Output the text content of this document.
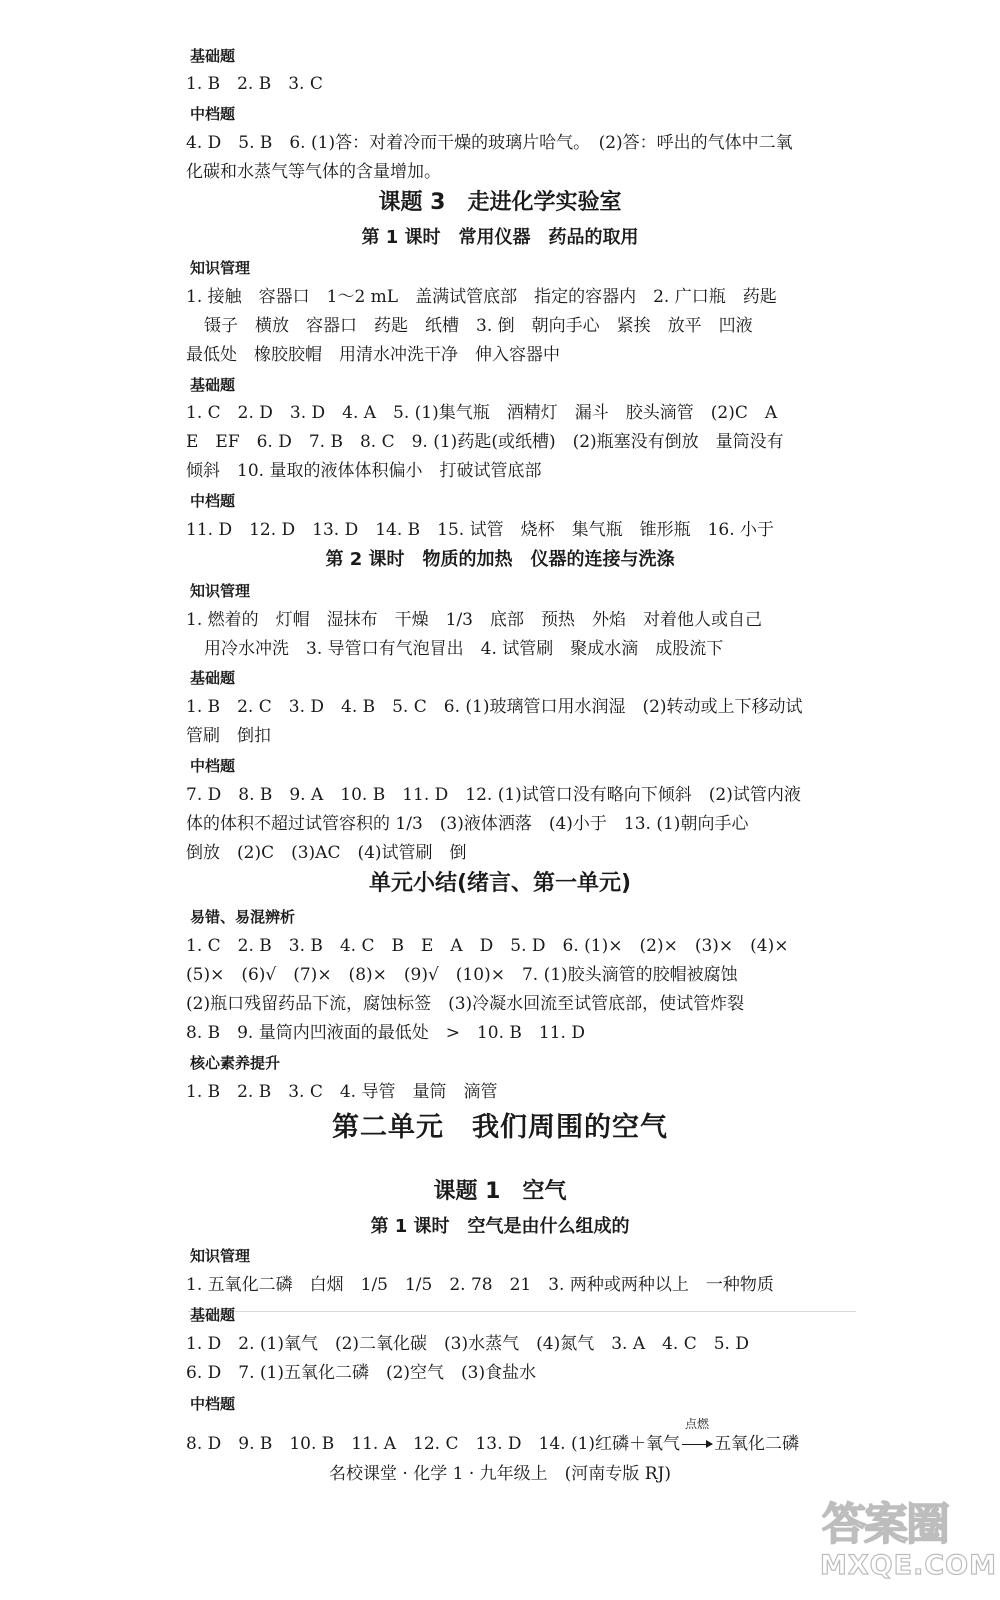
基础题
1. B　2. B　3. C
中档题
4. D　5. B　6. (1)答：对着冷而干燥的玻璃片哈气。　(2)答：呼出的气体中二氧
化碳和水蒸气等气体的含量增加。
课题 3　走进化学实验室
第 1 课时　常用仪器　药品的取用
知识管理
1. 接触　容器口　1～2 mL　盖满试管底部　指定的容器内　2. 广口瓶　药匙
镊子　横放　容器口　药匙　纸槽　3. 倒　朝向手心　紧挨　放平　凹液
最低处　橡胶胶帽　用清水冲洗干净　伸入容器中
基础题
1. C　2. D　3. D　4. A　5. (1)集气瓶　酒精灯　漏斗　胶头滴管　(2)C　A
E　EF　6. D　7. B　8. C　9. (1)药匙(或纸槽)　(2)瓶塞没有倒放　量筒没有
倾斜　10. 量取的液体体积偏小　打破试管底部
中档题
11. D　12. D　13. D　14. B　15. 试管　烧杯　集气瓶　锥形瓶　16. 小于
第 2 课时　物质的加热　仪器的连接与洗涤
知识管理
1. 燃着的　灯帽　湿抹布　干燥　1/3　底部　预热　外焰　对着他人或自己
用冷水冲洗　3. 导管口有气泡冒出　4. 试管刷　聚成水滴　成股流下
基础题
1. B　2. C　3. D　4. B　5. C　6. (1)玻璃管口用水润湿　(2)转动或上下移动试
管刷　倒扣
中档题
7. D　8. B　9. A　10. B　11. D　12. (1)试管口没有略向下倾斜　(2)试管内液
体的体积不超过试管容积的 1/3　(3)液体洒落　(4)小于　13. (1)朝向手心
倒放　(2)C　(3)AC　(4)试管刷　倒
单元小结(绪言、第一单元)
易错、易混辨析
1. C　2. B　3. B　4. C　B　E　A　D　5. D　6. (1)×　(2)×　(3)×　(4)×
(5)×　(6)√　(7)×　(8)×　(9)√　(10)×　7. (1)胶头滴管的胶帽被腐蚀
(2)瓶口残留药品下流，腐蚀标签　(3)冷凝水回流至试管底部，使试管炸裂
8. B　9. 量筒内凹液面的最低处　>　10. B　11. D
核心素养提升
1. B　2. B　3. C　4. 导管　量筒　滴管
第二单元　我们周围的空气
课题 1　空气
第 1 课时　空气是由什么组成的
知识管理
1. 五氧化二磷　白烟　1/5　1/5　2. 78　21　3. 两种或两种以上　一种物质
基础题
1. D　2. (1)氧气　(2)二氧化碳　(3)水蒸气　(4)氮气　3. A　4. C　5. D
6. D　7. (1)五氧化二磷　(2)空气　(3)食盐水
中档题
8. D　9. B　10. B　11. A　12. C　13. D　14. (1)红磷＋氧气
点燃
五氧化二磷
名校课堂 · 化学 1 · 九年级上　(河南专版 RJ)
答案圈
MXQE.COM
